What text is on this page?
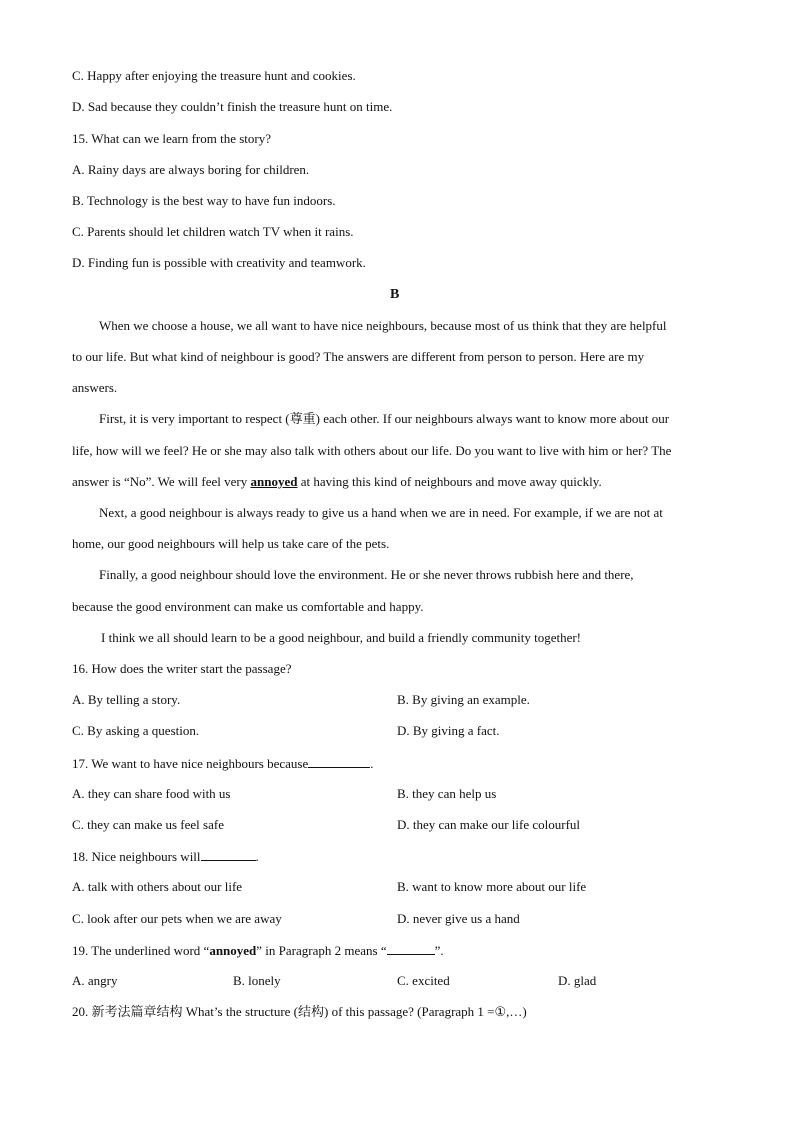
C. Happy after enjoying the treasure hunt and cookies.
D. Sad because they couldn’t finish the treasure hunt on time.
15. What can we learn from the story?
A. Rainy days are always boring for children.
B. Technology is the best way to have fun indoors.
C. Parents should let children watch TV when it rains.
D. Finding fun is possible with creativity and teamwork.
B
When we choose a house, we all want to have nice neighbours, because most of us think that they are helpful
to our life. But what kind of neighbour is good? The answers are different from person to person. Here are my
answers.
First, it is very important to respect (尊重) each other. If our neighbours always want to know more about our
life, how will we feel? He or she may also talk with others about our life. Do you want to live with him or her? The
answer is “No”. We will feel very annoyed at having this kind of neighbours and move away quickly.
Next, a good neighbour is always ready to give us a hand when we are in need. For example, if we are not at
home, our good neighbours will help us take care of the pets.
Finally, a good neighbour should love the environment. He or she never throws rubbish here and there,
because the good environment can make us comfortable and happy.
I think we all should learn to be a good neighbour, and build a friendly community together!
16. How does the writer start the passage?
A. By telling a story.	B. By giving an example.
C. By asking a question.	D. By giving a fact.
17. We want to have nice neighbours because	.
A. they can share food with us	B. they can help us
C. they can make us feel safe	D. they can make our life colourful
18. Nice neighbours will	.
A. talk with others about our life	B. want to know more about our life
C. look after our pets when we are away	D. never give us a hand
19. The underlined word “annoyed” in Paragraph 2 means “	”.
A. angry	B. lonely	C. excited	D. glad
20. 新考法篇章结构 What’s the structure (结构) of this passage? (Paragraph 1 =①,…)
